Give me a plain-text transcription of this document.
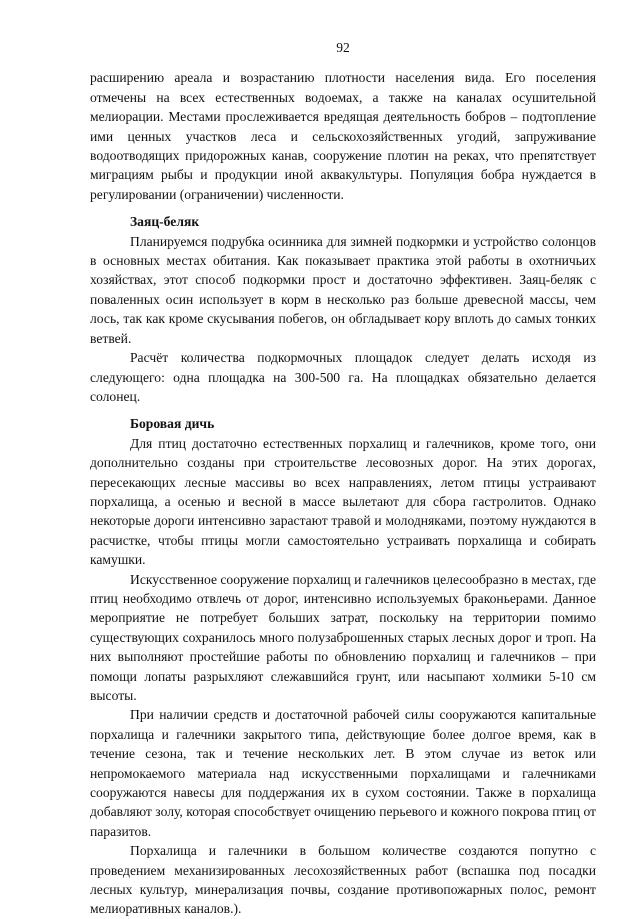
92

расширению ареала и возрастанию плотности населения вида. Его поселения отмечены на всех естественных водоемах, а также на каналах осушительной мелиорации. Местами прослеживается вредящая деятельность бобров – подтопление ими ценных участков леса и сельскохозяйственных угодий, запруживание водоотводящих придорожных канав, сооружение плотин на реках, что препятствует миграциям рыбы и продукции иной аквакультуры. Популяция бобра нуждается в регулировании (ограничении) численности.

Заяц-беляк

Планируемся подрубка осинника для зимней подкормки и устройство солонцов в основных местах обитания. Как показывает практика этой работы в охотничьих хозяйствах, этот способ подкормки прост и достаточно эффективен. Заяц-беляк с поваленных осин использует в корм в несколько раз больше древесной массы, чем лось, так как кроме скусывания побегов, он обгладывает кору вплоть до самых тонких ветвей.

Расчёт количества подкормочных площадок следует делать исходя из следующего: одна площадка на 300-500 га. На площадках обязательно делается солонец.

Боровая дичь

Для птиц достаточно естественных порхалищ и галечников, кроме того, они дополнительно созданы при строительстве лесовозных дорог. На этих дорогах, пересекающих лесные массивы во всех направлениях, летом птицы устраивают порхалища, а осенью и весной в массе вылетают для сбора гастролитов. Однако некоторые дороги интенсивно зарастают травой и молодняками, поэтому нуждаются в расчистке, чтобы птицы могли самостоятельно устраивать порхалища и собирать камушки.

Искусственное сооружение порхалищ и галечников целесообразно в местах, где птиц необходимо отвлечь от дорог, интенсивно используемых браконьерами. Данное мероприятие не потребует больших затрат, поскольку на территории помимо существующих сохранилось много полузаброшенных старых лесных дорог и троп. На них выполняют простейшие работы по обновлению порхалищ и галечников – при помощи лопаты разрыхляют слежавшийся грунт, или насыпают холмики 5-10 см высоты.

При наличии средств и достаточной рабочей силы сооружаются капитальные порхалища и галечники закрытого типа, действующие более долгое время, как в течение сезона, так и течение нескольких лет. В этом случае из веток или непромокаемого материала над искусственными порхалищами и галечниками сооружаются навесы для поддержания их в сухом состоянии. Также в порхалища добавляют золу, которая способствует очищению перьевого и кожного покрова птиц от паразитов.

Порхалища и галечники в большом количестве создаются попутно с проведением механизированных лесохозяйственных работ (вспашка под посадки лесных культур, минерализация почвы, создание противопожарных полос, ремонт мелиоративных каналов.).
